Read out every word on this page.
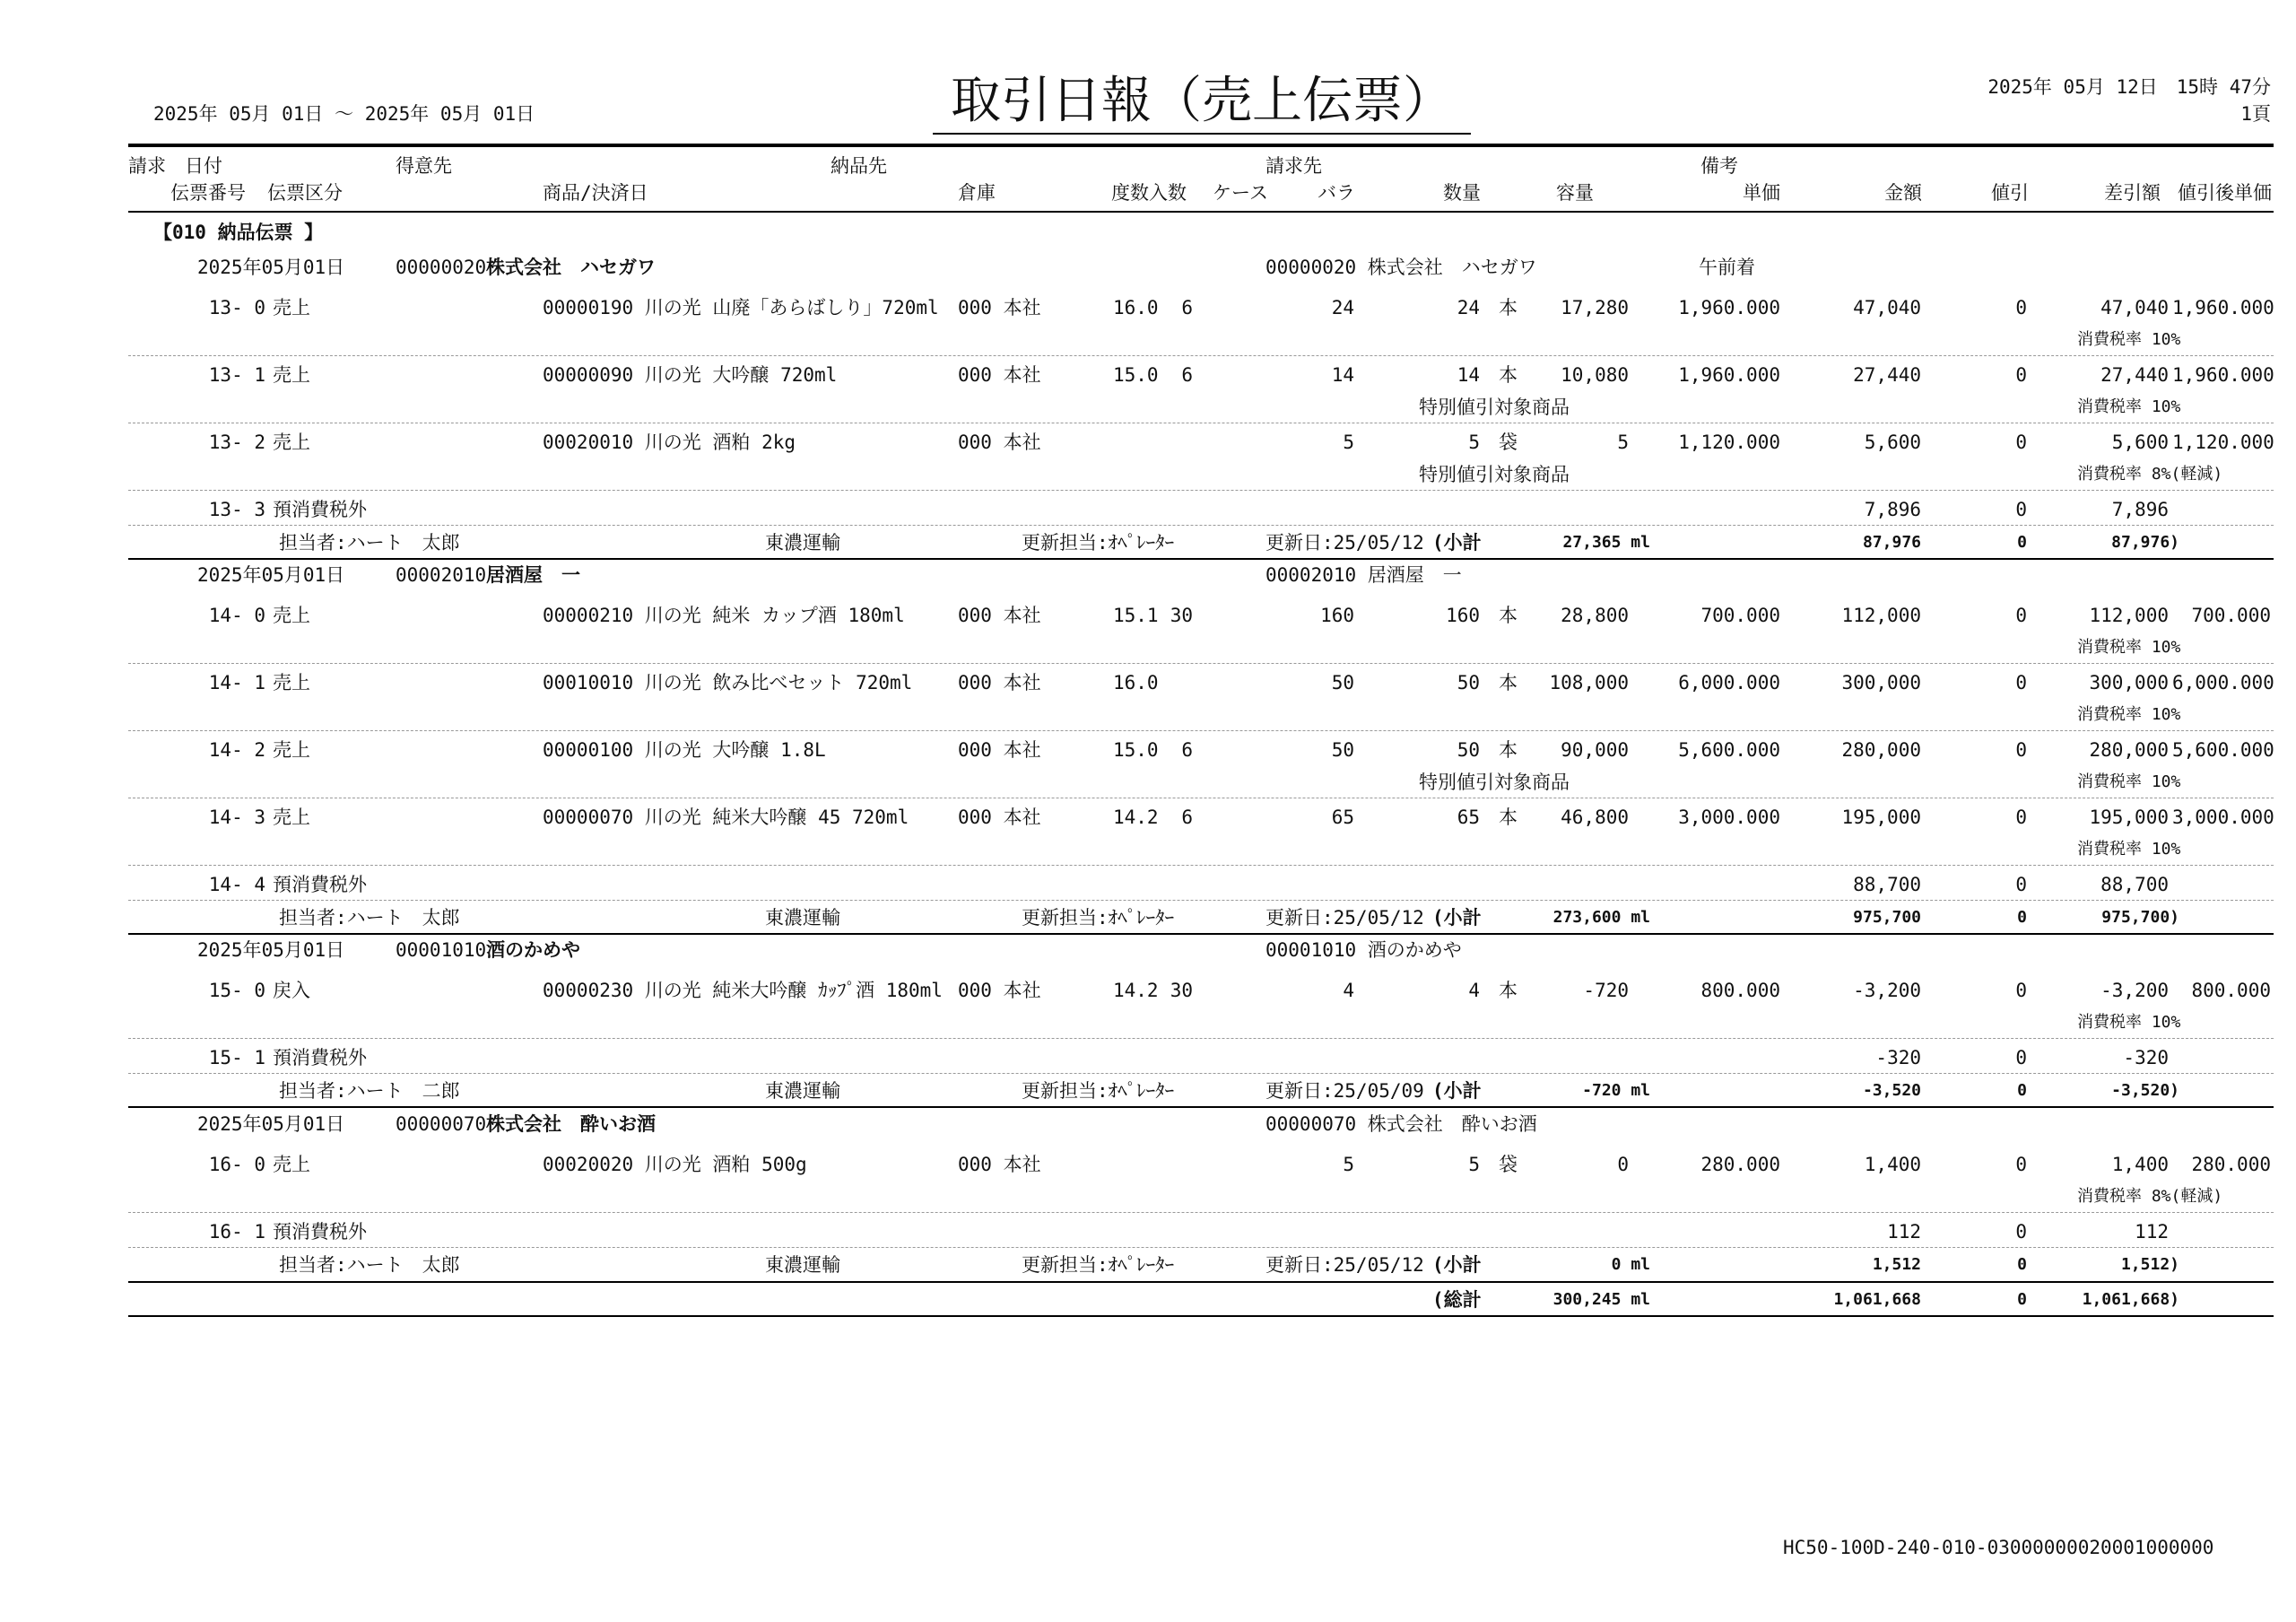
2025年 05月 01日 ～ 2025年 05月 01日	取引日報（売上伝票）	2025年 05月 12日　15時 47分
1頁
請求　日付	得意先	納品先	請求先	備考
伝票番号 伝票区分	商品/決済日	倉庫	度数入数 ケース	バラ	数量	容量	単価	金額	値引	差引額 値引後単価
【010 納品伝票 】
2025年05月01日	00000020 株式会社　ハセガワ	00000020 株式会社　ハセガワ	午前着
13- 0 売上	00000190 川の光 山廃「あらばしり」720ml 000 本社	16.0	6	24	24 本	17,280	1,960.000	47,040	0	47,040 1,960.000
消費税率 10%
13- 1 売上	00000090 川の光 大吟醸 720ml	000 本社	15.0	6	14	14 本	10,080	1,960.000	27,440	0	27,440 1,960.000
特別値引対象商品	消費税率 10%
13- 2 売上	00020010 川の光 酒粕 2kg	000 本社	5	5 袋	5	1,120.000	5,600	0	5,600 1,120.000
特別値引対象商品	消費税率 8%(軽減)
13- 3 預消費税外	7,896	0	7,896
担当者:ハート　太郎	東濃運輸	更新担当:ｵﾍﾟﾚｰﾀｰ	更新日:25/05/12 (小計	27,365 ml	87,976	0	87,976)
2025年05月01日	00002010 居酒屋　一	00002010 居酒屋　一
14- 0 売上	00000210 川の光 純米 カップ酒 180ml	000 本社	15.1 30	160	160 本	28,800	700.000	112,000	0	112,000	700.000
消費税率 10%
14- 1 売上	00010010 川の光 飲み比べセット 720ml 000 本社	16.0	50	50 本	108,000	6,000.000	300,000	0	300,000 6,000.000
消費税率 10%
14- 2 売上	00000100 川の光 大吟醸 1.8L	000 本社	15.0	6	50	50 本	90,000	5,600.000	280,000	0	280,000 5,600.000
特別値引対象商品	消費税率 10%
14- 3 売上	00000070 川の光 純米大吟醸 45 720ml	000 本社	14.2	6	65	65 本	46,800	3,000.000	195,000	0	195,000 3,000.000
消費税率 10%
14- 4 預消費税外	88,700	0	88,700
担当者:ハート　太郎	東濃運輸	更新担当:ｵﾍﾟﾚｰﾀｰ	更新日:25/05/12 (小計	273,600 ml	975,700	0	975,700)
2025年05月01日	00001010 酒のかめや	00001010 酒のかめや
15- 0 戻入	00000230 川の光 純米大吟醸 ｶｯﾌﾟ酒 180ml 000 本社	14.2 30	4	4 本	-720	800.000	-3,200	0	-3,200	800.000
消費税率 10%
15- 1 預消費税外	-320	0	-320
担当者:ハート　二郎	東濃運輸	更新担当:ｵﾍﾟﾚｰﾀｰ	更新日:25/05/09 (小計	-720 ml	-3,520	0	-3,520)
2025年05月01日	00000070 株式会社　酔いお酒	00000070 株式会社　酔いお酒
16- 0 売上	00020020 川の光 酒粕 500g	000 本社	5	5 袋	0	280.000	1,400	0	1,400	280.000
消費税率 8%(軽減)
16- 1 預消費税外	112	0	112
担当者:ハート　太郎	東濃運輸	更新担当:ｵﾍﾟﾚｰﾀｰ	更新日:25/05/12 (小計	0 ml	1,512	0	1,512)
(総計	300,245 ml	1,061,668	0	1,061,668)
HC50-100D-240-010-03000000020001000000
